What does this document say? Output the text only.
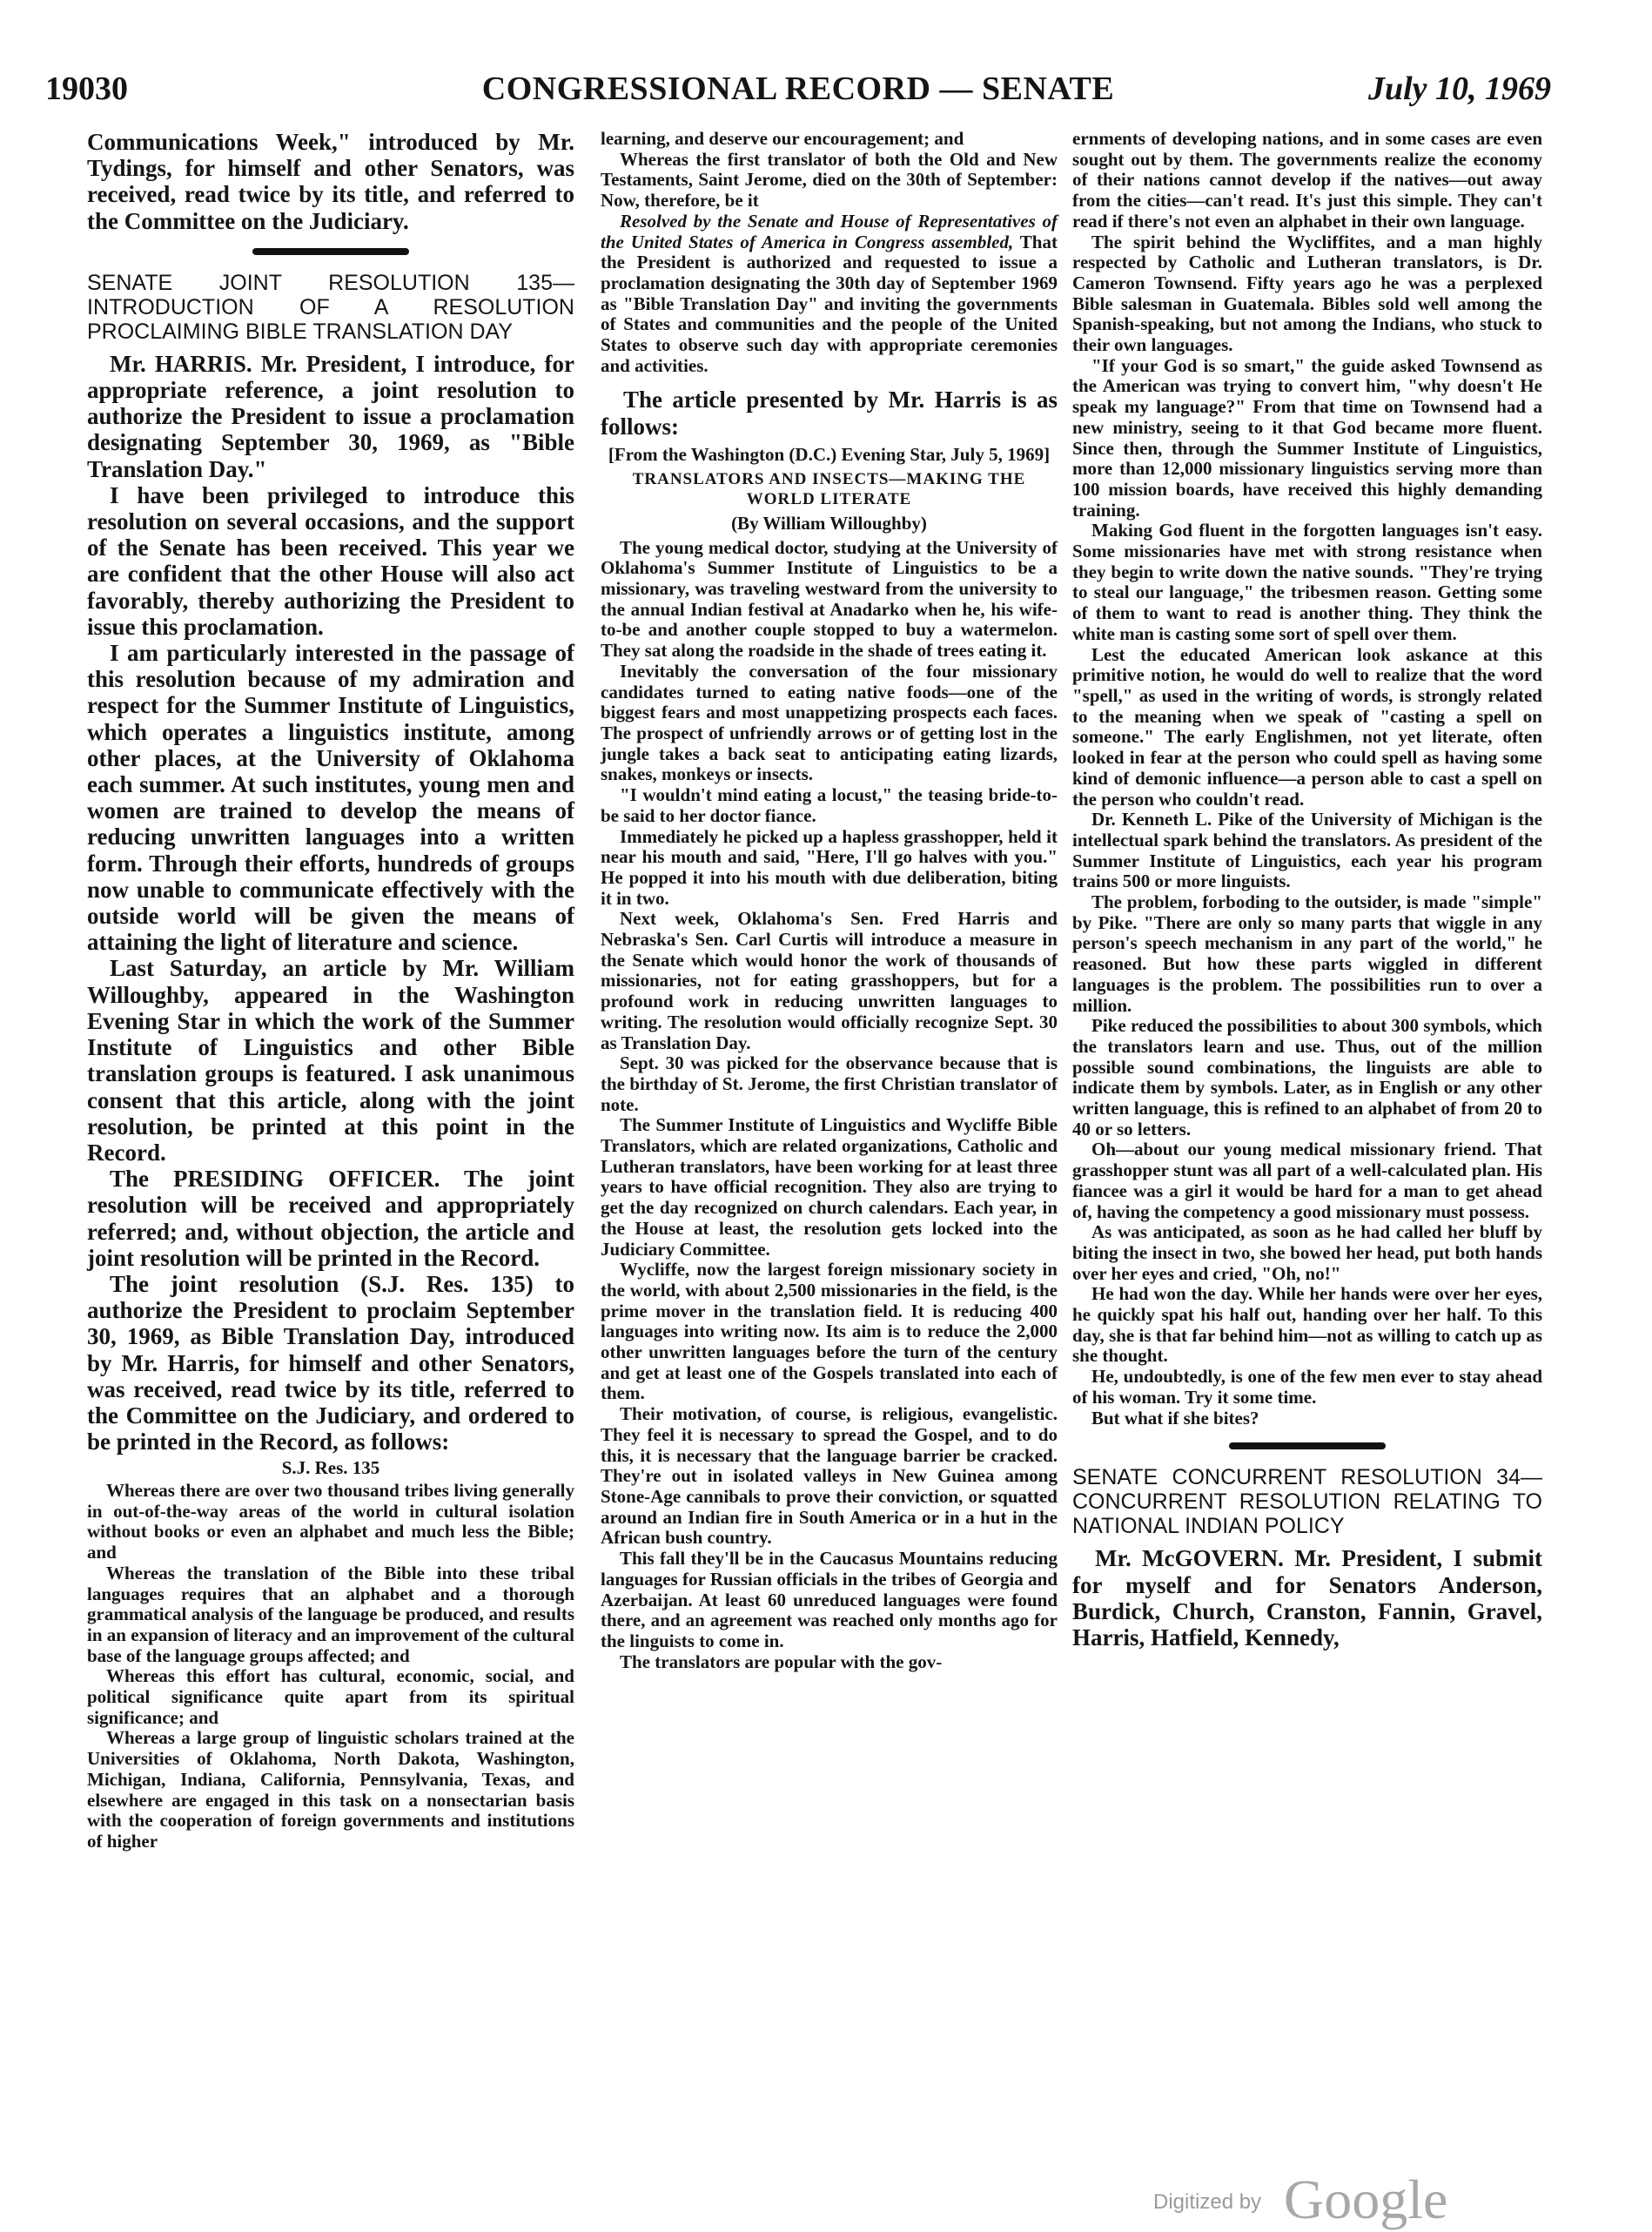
19030	CONGRESSIONAL RECORD — SENATE	July 10, 1969

Communications Week," introduced by Mr. Tydings, for himself and other Senators, was received, read twice by its title, and referred to the Committee on the Judiciary.

SENATE JOINT RESOLUTION 135— INTRODUCTION OF A RESOLUTION PROCLAIMING BIBLE TRANSLATION DAY

Mr. HARRIS. Mr. President, I introduce, for appropriate reference, a joint resolution to authorize the President to issue a proclamation designating September 30, 1969, as "Bible Translation Day."

I have been privileged to introduce this resolution on several occasions, and the support of the Senate has been received. This year we are confident that the other House will also act favorably, thereby authorizing the President to issue this proclamation.

I am particularly interested in the passage of this resolution because of my admiration and respect for the Summer Institute of Linguistics, which operates a linguistics institute, among other places, at the University of Oklahoma each summer. At such institutes, young men and women are trained to develop the means of reducing unwritten languages into a written form. Through their efforts, hundreds of groups now unable to communicate effectively with the outside world will be given the means of attaining the light of literature and science.

Last Saturday, an article by Mr. William Willoughby, appeared in the Washington Evening Star in which the work of the Summer Institute of Linguistics and other Bible translation groups is featured. I ask unanimous consent that this article, along with the joint resolution, be printed at this point in the Record.

The PRESIDING OFFICER. The joint resolution will be received and appropriately referred; and, without objection, the article and joint resolution will be printed in the Record.

The joint resolution (S.J. Res. 135) to authorize the President to proclaim September 30, 1969, as Bible Translation Day, introduced by Mr. Harris, for himself and other Senators, was received, read twice by its title, referred to the Committee on the Judiciary, and ordered to be printed in the Record, as follows:

S.J. Res. 135

Whereas there are over two thousand tribes living generally in out-of-the-way areas of the world in cultural isolation without books or even an alphabet and much less the Bible; and

Whereas the translation of the Bible into these tribal languages requires that an alphabet and a thorough grammatical analysis of the language be produced, and results in an expansion of literacy and an improvement of the cultural base of the language groups affected; and

Whereas this effort has cultural, economic, social, and political significance quite apart from its spiritual significance; and

Whereas a large group of linguistic scholars trained at the Universities of Oklahoma, North Dakota, Washington, Michigan, Indiana, California, Pennsylvania, Texas, and elsewhere are engaged in this task on a nonsectarian basis with the cooperation of foreign governments and institutions of higher

learning, and deserve our encouragement; and

Whereas the first translator of both the Old and New Testaments, Saint Jerome, died on the 30th of September: Now, therefore, be it

Resolved by the Senate and House of Representatives of the United States of America in Congress assembled, That the President is authorized and requested to issue a proclamation designating the 30th day of September 1969 as "Bible Translation Day" and inviting the governments of States and communities and the people of the United States to observe such day with appropriate ceremonies and activities.

The article presented by Mr. Harris is as follows:

[From the Washington (D.C.) Evening Star, July 5, 1969]

TRANSLATORS AND INSECTS—MAKING THE WORLD LITERATE

(By William Willoughby)

The young medical doctor, studying at the University of Oklahoma's Summer Institute of Linguistics to be a missionary, was traveling westward from the university to the annual Indian festival at Anadarko when he, his wife-to-be and another couple stopped to buy a watermelon. They sat along the roadside in the shade of trees eating it.

Inevitably the conversation of the four missionary candidates turned to eating native foods—one of the biggest fears and most unappetizing prospects each faces. The prospect of unfriendly arrows or of getting lost in the jungle takes a back seat to anticipating eating lizards, snakes, monkeys or insects.

"I wouldn't mind eating a locust," the teasing bride-to-be said to her doctor fiance.

Immediately he picked up a hapless grasshopper, held it near his mouth and said, "Here, I'll go halves with you." He popped it into his mouth with due deliberation, biting it in two.

Next week, Oklahoma's Sen. Fred Harris and Nebraska's Sen. Carl Curtis will introduce a measure in the Senate which would honor the work of thousands of missionaries, not for eating grasshoppers, but for a profound work in reducing unwritten languages to writing. The resolution would officially recognize Sept. 30 as Translation Day.

Sept. 30 was picked for the observance because that is the birthday of St. Jerome, the first Christian translator of note.

The Summer Institute of Linguistics and Wycliffe Bible Translators, which are related organizations, Catholic and Lutheran translators, have been working for at least three years to have official recognition. They also are trying to get the day recognized on church calendars. Each year, in the House at least, the resolution gets locked into the Judiciary Committee.

Wycliffe, now the largest foreign missionary society in the world, with about 2,500 missionaries in the field, is the prime mover in the translation field. It is reducing 400 languages into writing now. Its aim is to reduce the 2,000 other unwritten languages before the turn of the century and get at least one of the Gospels translated into each of them.

Their motivation, of course, is religious, evangelistic. They feel it is necessary to spread the Gospel, and to do this, it is necessary that the language barrier be cracked. They're out in isolated valleys in New Guinea among Stone-Age cannibals to prove their conviction, or squatted around an Indian fire in South America or in a hut in the African bush country.

This fall they'll be in the Caucasus Mountains reducing languages for Russian officials in the tribes of Georgia and Azerbaijan. At least 60 unreduced languages were found there, and an agreement was reached only months ago for the linguists to come in.

The translators are popular with the gov-

ernments of developing nations, and in some cases are even sought out by them. The governments realize the economy of their nations cannot develop if the natives—out away from the cities—can't read. It's just this simple. They can't read if there's not even an alphabet in their own language.

The spirit behind the Wycliffites, and a man highly respected by Catholic and Lutheran translators, is Dr. Cameron Townsend. Fifty years ago he was a perplexed Bible salesman in Guatemala. Bibles sold well among the Spanish-speaking, but not among the Indians, who stuck to their own languages.

"If your God is so smart," the guide asked Townsend as the American was trying to convert him, "why doesn't He speak my language?" From that time on Townsend had a new ministry, seeing to it that God became more fluent. Since then, through the Summer Institute of Linguistics, more than 12,000 missionary linguistics serving more than 100 mission boards, have received this highly demanding training.

Making God fluent in the forgotten languages isn't easy. Some missionaries have met with strong resistance when they begin to write down the native sounds. "They're trying to steal our language," the tribesmen reason. Getting some of them to want to read is another thing. They think the white man is casting some sort of spell over them.

Lest the educated American look askance at this primitive notion, he would do well to realize that the word "spell," as used in the writing of words, is strongly related to the meaning when we speak of "casting a spell on someone." The early Englishmen, not yet literate, often looked in fear at the person who could spell as having some kind of demonic influence—a person able to cast a spell on the person who couldn't read.

Dr. Kenneth L. Pike of the University of Michigan is the intellectual spark behind the translators. As president of the Summer Institute of Linguistics, each year his program trains 500 or more linguists.

The problem, forboding to the outsider, is made "simple" by Pike. "There are only so many parts that wiggle in any person's speech mechanism in any part of the world," he reasoned. But how these parts wiggled in different languages is the problem. The possibilities run to over a million.

Pike reduced the possibilities to about 300 symbols, which the translators learn and use. Thus, out of the million possible sound combinations, the linguists are able to indicate them by symbols. Later, as in English or any other written language, this is refined to an alphabet of from 20 to 40 or so letters.

Oh—about our young medical missionary friend. That grasshopper stunt was all part of a well-calculated plan. His fiancee was a girl it would be hard for a man to get ahead of, having the competency a good missionary must possess.

As was anticipated, as soon as he had called her bluff by biting the insect in two, she bowed her head, put both hands over her eyes and cried, "Oh, no!"

He had won the day. While her hands were over her eyes, he quickly spat his half out, handing over her half. To this day, she is that far behind him—not as willing to catch up as she thought.

He, undoubtedly, is one of the few men ever to stay ahead of his woman. Try it some time.

But what if she bites?

SENATE CONCURRENT RESOLUTION 34—CONCURRENT RESOLUTION RELATING TO NATIONAL INDIAN POLICY

Mr. McGOVERN. Mr. President, I submit for myself and for Senators Anderson, Burdick, Church, Cranston, Fannin, Gravel, Harris, Hatfield, Kennedy,

Digitized by Google
